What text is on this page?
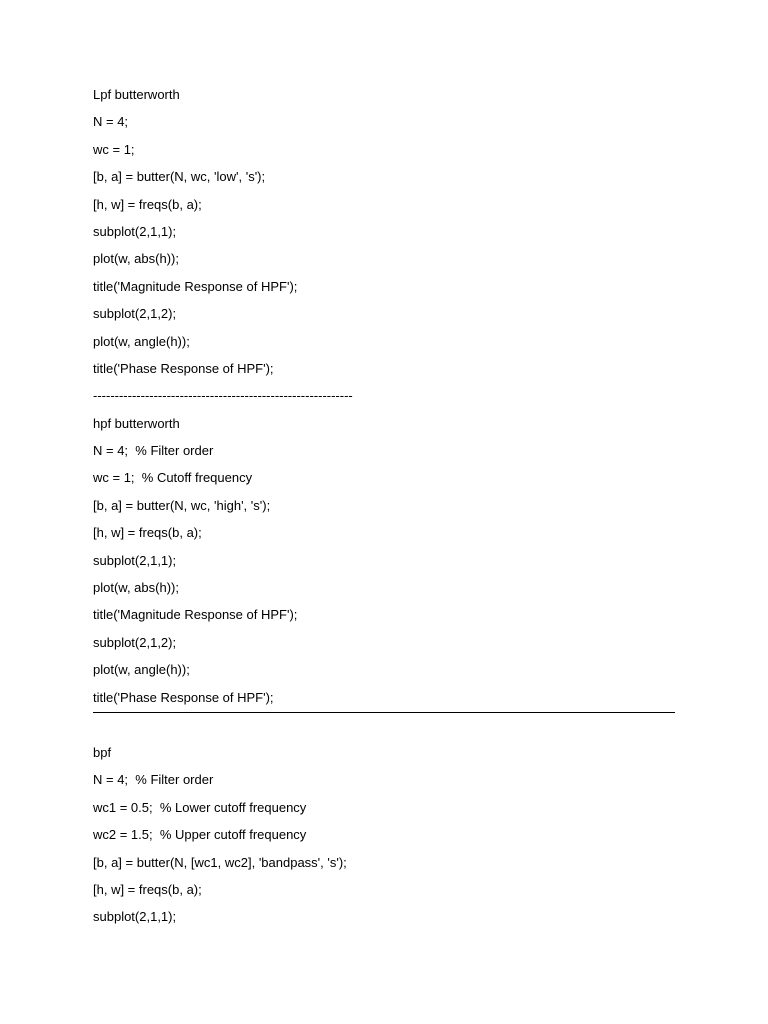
Lpf butterworth
N = 4;
wc = 1;
[b, a] = butter(N, wc, 'low', 's');
[h, w] = freqs(b, a);
subplot(2,1,1);
plot(w, abs(h));
title('Magnitude Response of HPF');
subplot(2,1,2);
plot(w, angle(h));
title('Phase Response of HPF');
------------------------------------------------------------
hpf butterworth
N = 4;  % Filter order
wc = 1;  % Cutoff frequency
[b, a] = butter(N, wc, 'high', 's');
[h, w] = freqs(b, a);
subplot(2,1,1);
plot(w, abs(h));
title('Magnitude Response of HPF');
subplot(2,1,2);
plot(w, angle(h));
title('Phase Response of HPF');
bpf
N = 4;  % Filter order
wc1 = 0.5;  % Lower cutoff frequency
wc2 = 1.5;  % Upper cutoff frequency
[b, a] = butter(N, [wc1, wc2], 'bandpass', 's');
[h, w] = freqs(b, a);
subplot(2,1,1);
